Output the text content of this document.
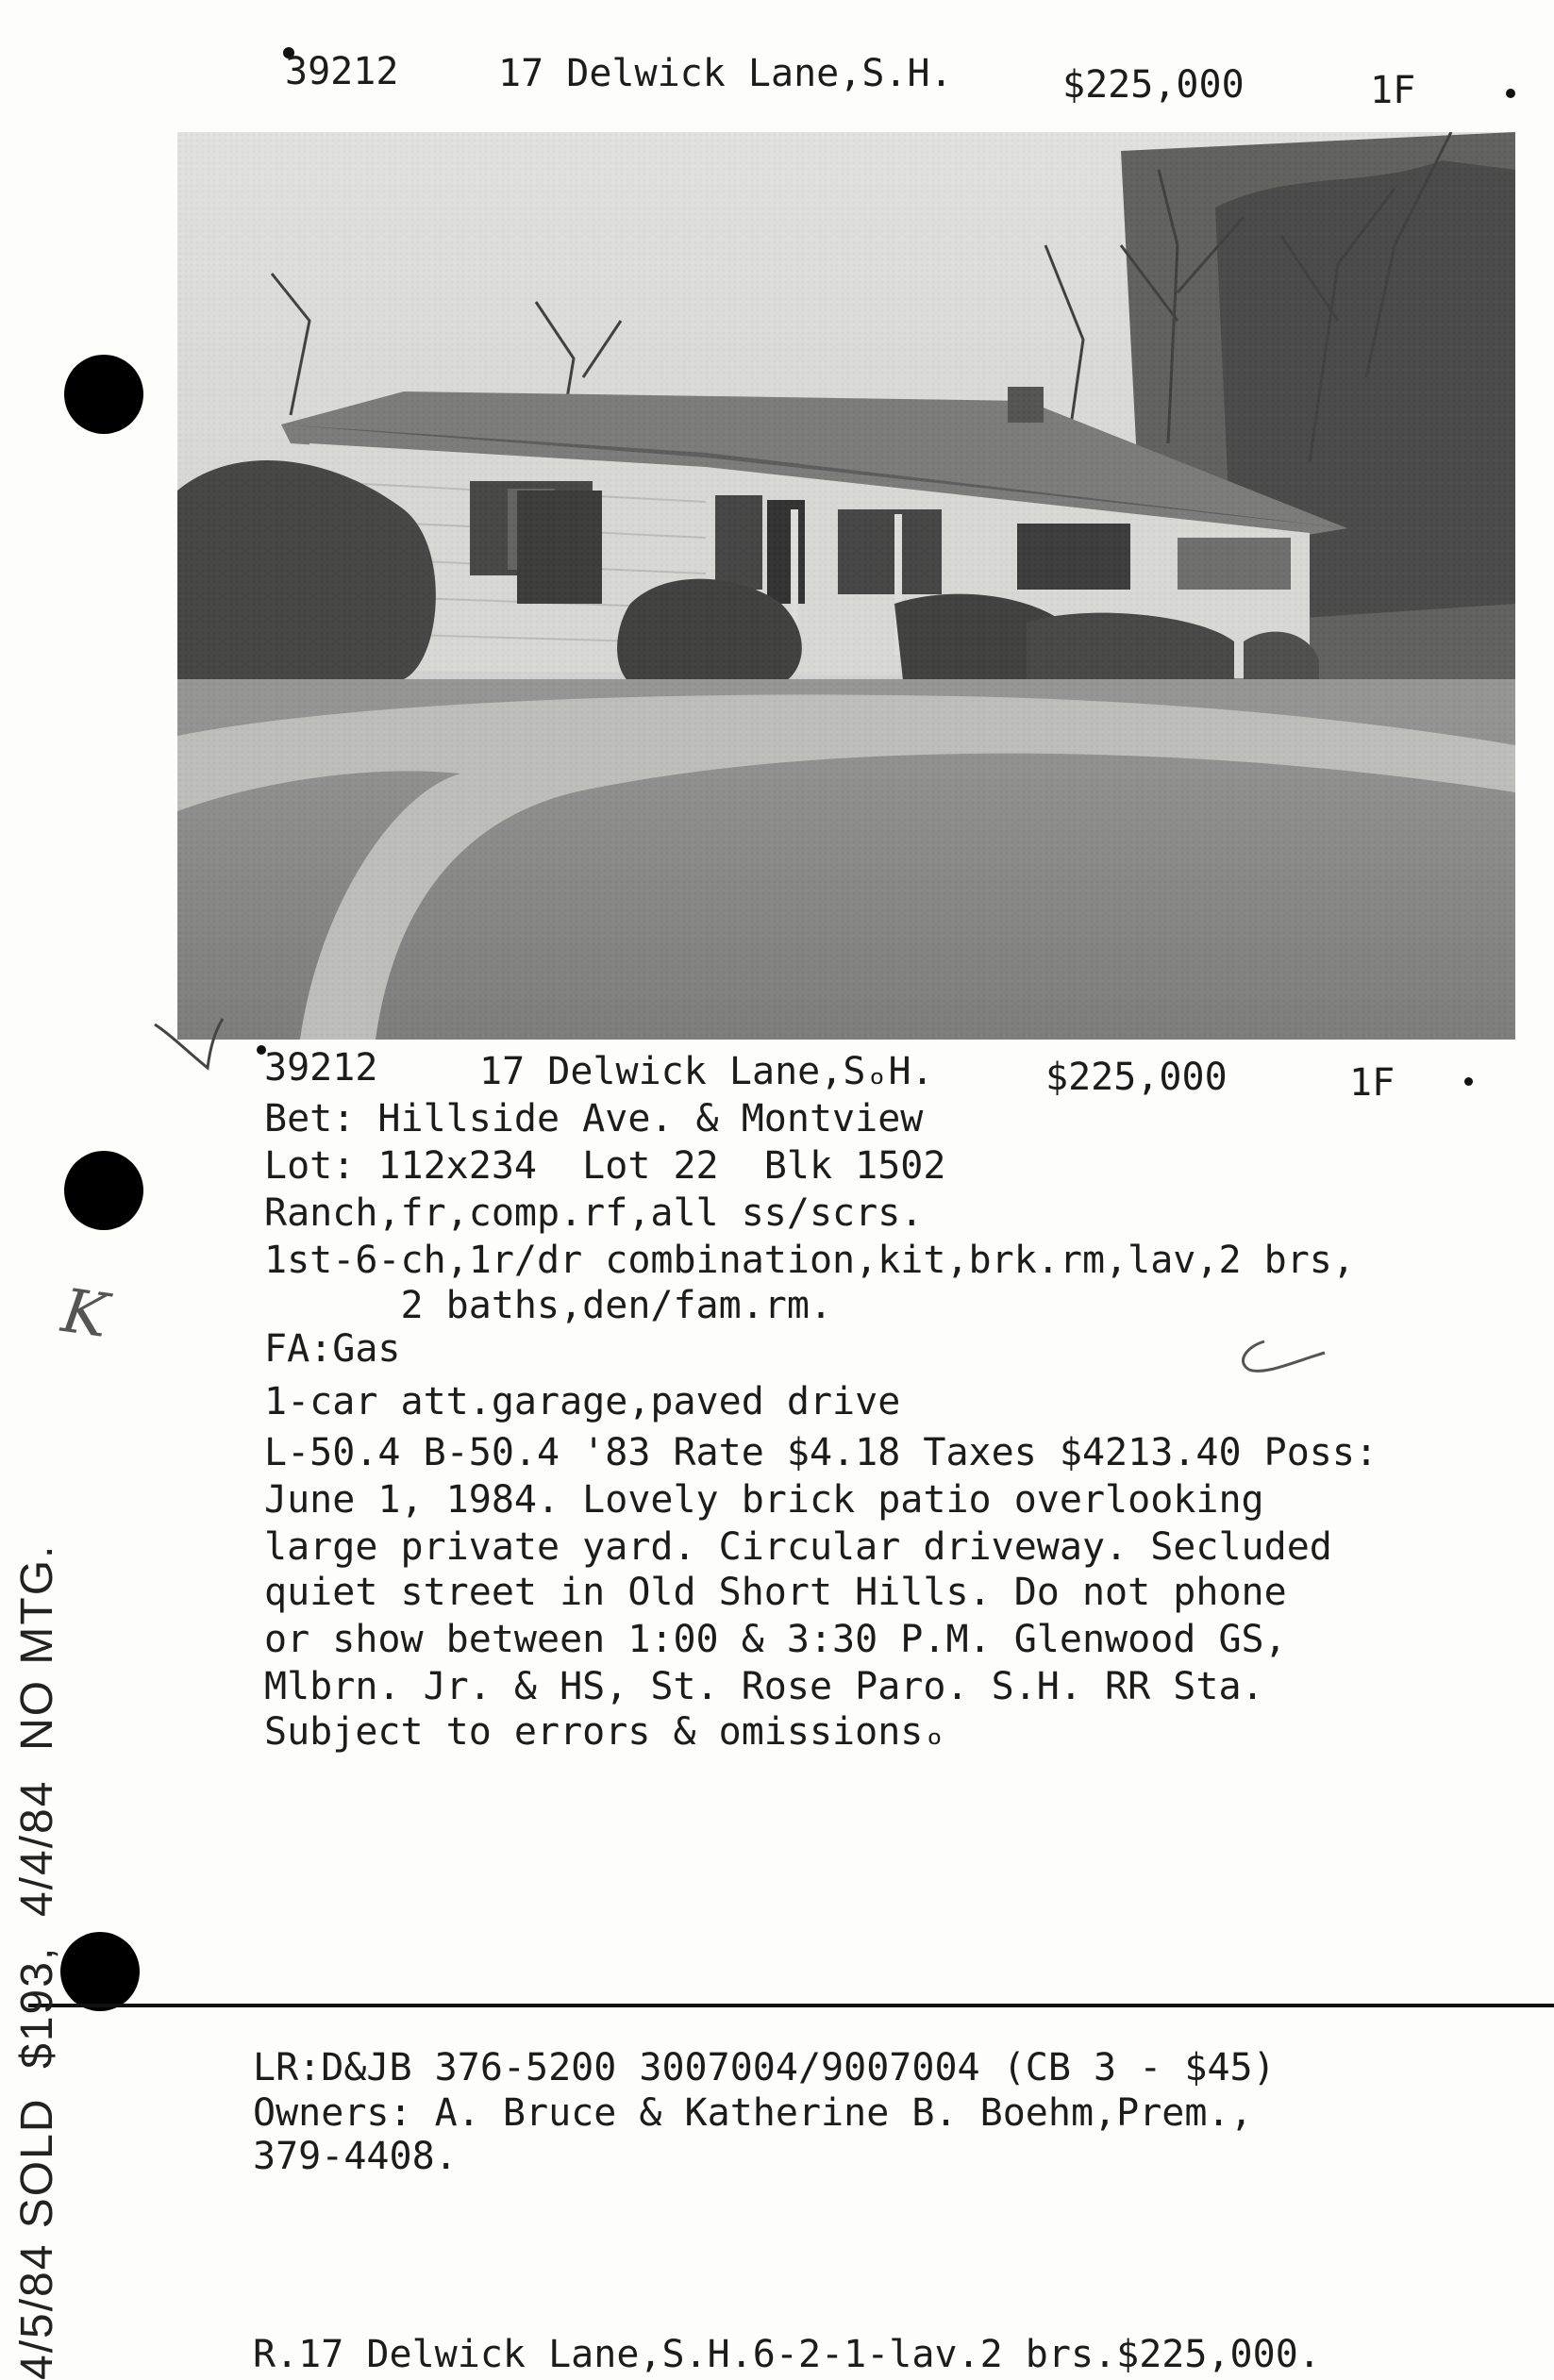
39212	17 Delwick Lane,S.H.	$225,000	1F
39212	17 Delwick Lane,SₒH.	$225,000	1F
Bet: Hillside Ave. & Montview
Lot: 112x234  Lot 22  Blk 1502
Ranch,fr,comp.rf,all ss/scrs.
1st-6-ch,1r/dr combination,kit,brk.rm,lav,2 brs,
2 baths,den/fam.rm.
FA:Gas
1-car att.garage,paved drive
L-50.4 B-50.4 '83 Rate $4.18 Taxes $4213.40 Poss:
June 1, 1984. Lovely brick patio overlooking
large private yard. Circular driveway. Secluded
quiet street in Old Short Hills. Do not phone
or show between 1:00 & 3:30 P.M. Glenwood GS,
Mlbrn. Jr. & HS, St. Rose Paro. S.H. RR Sta.
Subject to errors & omissionsₒ
LR:D&JB 376-5200 3007004/9007004 (CB 3 - $45)
Owners: A. Bruce & Katherine B. Boehm,Prem.,
379-4408.
R.17 Delwick Lane,S.H.6-2-1-lav.2 brs.$225,000.
4/5/84 SOLD  $193,  4/4/84  NO MTG.
K
